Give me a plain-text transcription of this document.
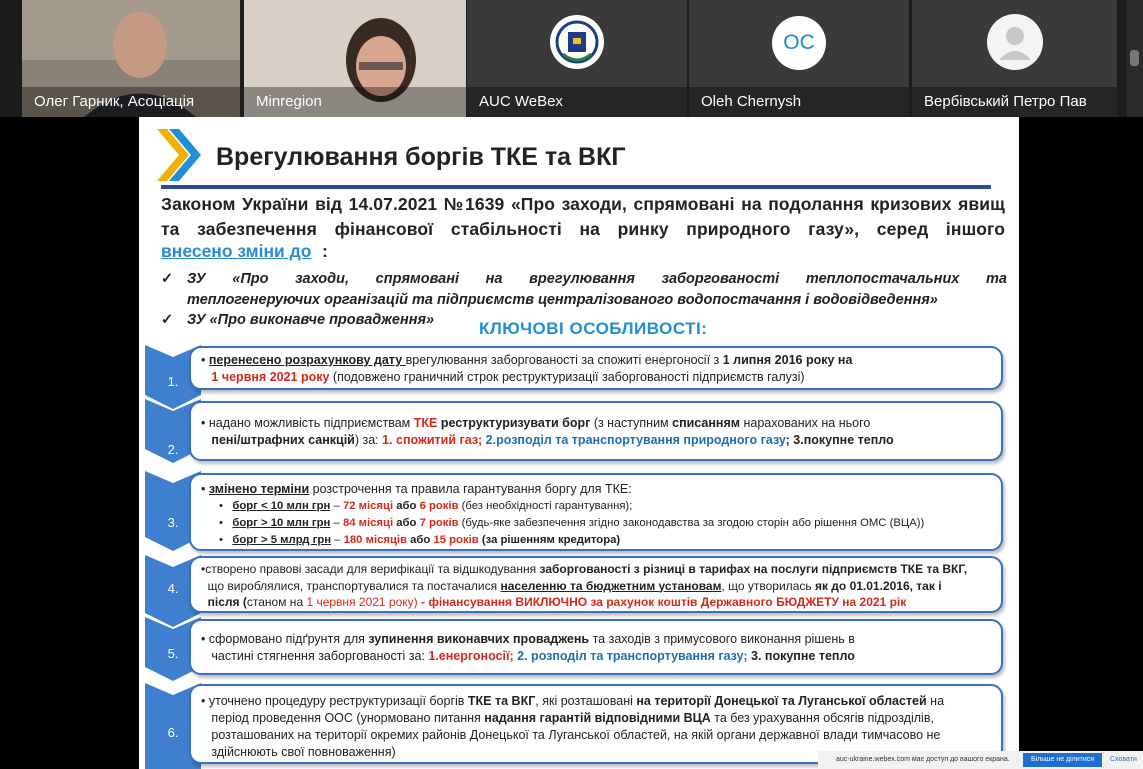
Олег Гарник, Асоціація	Minregion	AUC WeBex
OC
Oleh Chernysh	Вербівський Петро Пав
Врегулювання боргів ТКЕ та ВКГ
Законом України від 14.07.2021 №1639 «Про заходи, спрямовані на подолання кризових явищ та забезпечення фінансової стабільності на ринку природного газу», серед іншого
внесено зміни до :
✓ ЗУ «Про заходи, спрямовані на врегулювання заборгованості теплопостачальних та
теплогенеруючих організацій та підприємств централізованого водопостачання і водовідведення»
✓ ЗУ «Про виконавче провадження»	КЛЮЧОВІ ОСОБЛИВОСТІ:
1.
• перенесено розрахункову дату врегулювання заборгованості за спожиті енергоносії з 1 липня 2016 року на
1 червня 2021 року (подовжено граничний строк реструктуризації заборгованості підприємств галузі)
2.
• надано можливість підприємствам ТКЕ реструктуризувати борг (з наступним списанням нарахованих на нього
пені/штрафних санкцій) за: 1. спожитий газ; 2.розподіл та транспортування природного газу; 3.покупне тепло
3.
• змінено терміни розстрочення та правила гарантування боргу для ТКЕ:
•   борг < 10 млн грн – 72 місяці або 6 років (без необхідності гарантування);
•   борг > 10 млн грн – 84 місяці або 7 років (будь-яке забезпечення згідно законодавства за згодою сторін або рішення ОМС (ВЦА))
•   борг > 5 млрд грн – 180 місяців або 15 років (за рішенням кредитора)
4.
•створено правові засади для верифікації та відшкодування заборгованості з різниці в тарифах на послуги підприємств ТКЕ та ВКГ,
що вироблялися, транспортувалися та постачалися населенню та бюджетним установам, що утворилась як до 01.01.2016, так і
після (станом на 1 червня 2021 року) - фінансування ВИКЛЮЧНО за рахунок коштів Державного БЮДЖЕТУ на 2021 рік
5.
• сформовано підґрунтя для зупинення виконавчих проваджень та заходів з примусового виконання рішень в
частині стягнення заборгованості за: 1.енергоносії; 2. розподіл та транспортування газу; 3. покупне тепло
6.
• уточнено процедуру реструктуризації боргів ТКЕ та ВКГ, які розташовані на території Донецької та Луганської областей на
період проведення ООС (унормовано питання надання гарантій відповідними ВЦА та без урахування обсягів підрозділів,
розташованих на території окремих районів Донецької та Луганської областей, на якій органи державної влади тимчасово не
здійснюють свої повноваження)
auc-ukraine.webex.com має доступ до вашого екрана.	Більше не ділитися	Сховати
